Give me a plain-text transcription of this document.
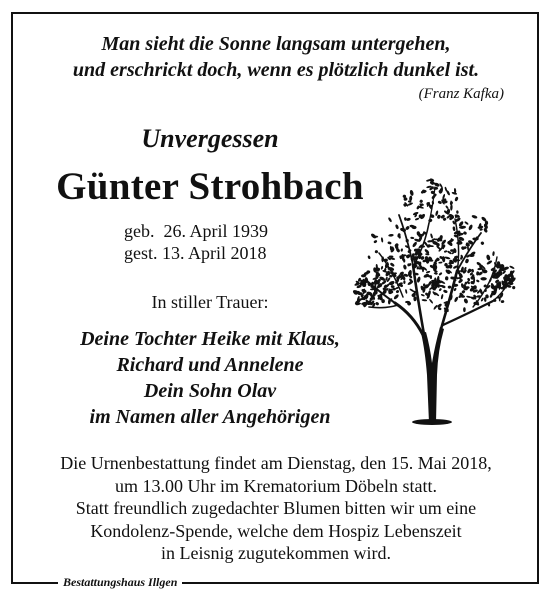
Man sieht die Sonne langsam untergehen,
und erschrickt doch, wenn es plötzlich dunkel ist.
(Franz Kafka)
Unvergessen
Günter Strohbach
geb.  26. April 1939
gest. 13. April 2018
In stiller Trauer:
Deine Tochter Heike mit Klaus,
Richard und Annelene
Dein Sohn Olav
im Namen aller Angehörigen
Die Urnenbestattung findet am Dienstag, den 15. Mai 2018,
um 13.00 Uhr im Krematorium Döbeln statt.
Statt freundlich zugedachter Blumen bitten wir um eine
Kondolenz-Spende, welche dem Hospiz Lebenszeit
in Leisnig zugutekommen wird.
Bestattungshaus Illgen
